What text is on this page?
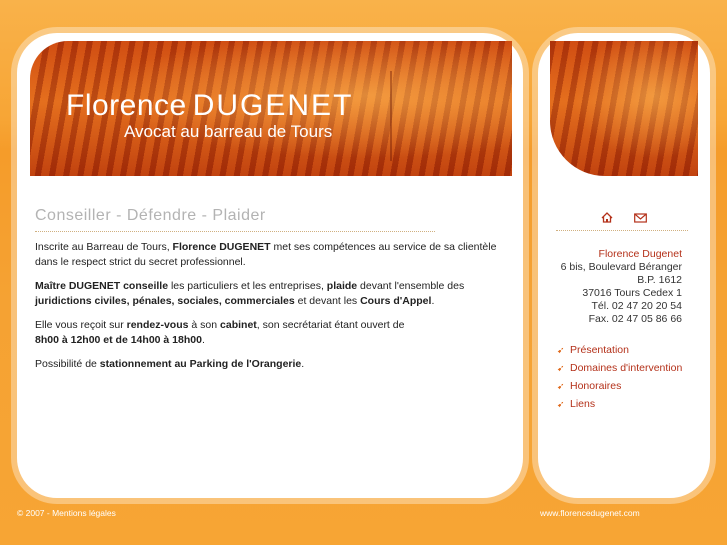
Florence DUGENET
Avocat au barreau de Tours
Conseiller - Défendre - Plaider
Inscrite au Barreau de Tours, Florence DUGENET met ses compétences au service de sa clientèle dans le respect strict du secret professionnel.
Maître DUGENET conseille les particuliers et les entreprises, plaide devant l'ensemble des juridictions civiles, pénales, sociales, commerciales et devant les Cours d'Appel.
Elle vous reçoit sur rendez-vous à son cabinet, son secrétariat étant ouvert de
8h00 à 12h00 et de 14h00 à 18h00.
Possibilité de stationnement au Parking de l'Orangerie.
Florence Dugenet
6 bis, Boulevard Béranger
B.P. 1612
37016 Tours Cedex 1
Tél. 02 47 20 20 54
Fax. 02 47 05 86 66
➹ Présentation
➹ Domaines d'intervention
➹ Honoraires
➹ Liens
© 2007 - Mentions légales	www.florencedugenet.com
